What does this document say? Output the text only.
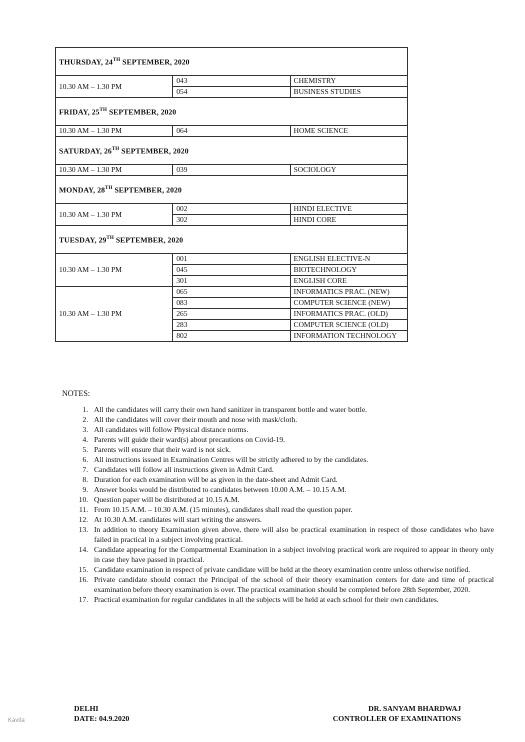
THURSDAY, 24TH SEPTEMBER, 2020		
10.30 AM – 1.30 PM	043	CHEMISTRY
	054	BUSINESS STUDIES
FRIDAY, 25TH SEPTEMBER, 2020		
10.30 AM – 1.30 PM	064	HOME SCIENCE
SATURDAY, 26TH SEPTEMBER, 2020		
10.30 AM – 1.30 PM	039	SOCIOLOGY
MONDAY, 28TH SEPTEMBER, 2020		
10.30 AM – 1.30 PM	002	HINDI ELECTIVE
	302	HINDI CORE
TUESDAY, 29TH SEPTEMBER, 2020		
10.30 AM – 1.30 PM	001	ENGLISH ELECTIVE-N
	045	BIOTECHNOLOGY
	301	ENGLISH CORE
10.30 AM – 1.30 PM	065	INFORMATICS PRAC. (NEW)
	083	COMPUTER SCIENCE (NEW)
	265	INFORMATICS PRAC. (OLD)
	283	COMPUTER SCIENCE (OLD)
	802	INFORMATION TECHNOLOGY
NOTES:
1. All the candidates will carry their own hand sanitizer in transparent bottle and water bottle.
2. All the candidates will cover their mouth and nose with mask/cloth.
3. All candidates will follow Physical distance norms.
4. Parents will guide their ward(s) about precautions on Covid-19.
5. Parents will ensure that their ward is not sick.
6. All instructions issued in Examination Centres will be strictly adhered to by the candidates.
7. Candidates will follow all instructions given in Admit Card.
8. Duration for each examination will be as given in the date-sheet and Admit Card.
9. Answer books would be distributed to candidates between 10.00 A.M. – 10.15 A.M.
10. Question paper will be distributed at 10.15 A.M.
11. From 10.15 A.M. – 10.30 A.M. (15 minutes), candidates shall read the question paper.
12. At 10.30 A.M. candidates will start writing the answers.
13. In addition to theory Examination given above, there will also be practical examination in respect of those candidates who have failed in practical in a subject involving practical.
14. Candidate appearing for the Compartmental Examination in a subject involving practical work are required to appear in theory only in case they have passed in practical.
15. Candidate examination in respect of private candidate will be held at the theory examination centre unless otherwise notified.
16. Private candidate should contact the Principal of the school of their theory examination centers for date and time of practical examination before theory examination is over. The practical examination should be completed before 28th September, 2020.
17. Practical examination for regular candidates in all the subjects will be held at each school for their own candidates.
DELHI
DATE: 04.9.2020
DR. SANYAM BHARDWAJ
CONTROLLER OF EXAMINATIONS
Kavita
